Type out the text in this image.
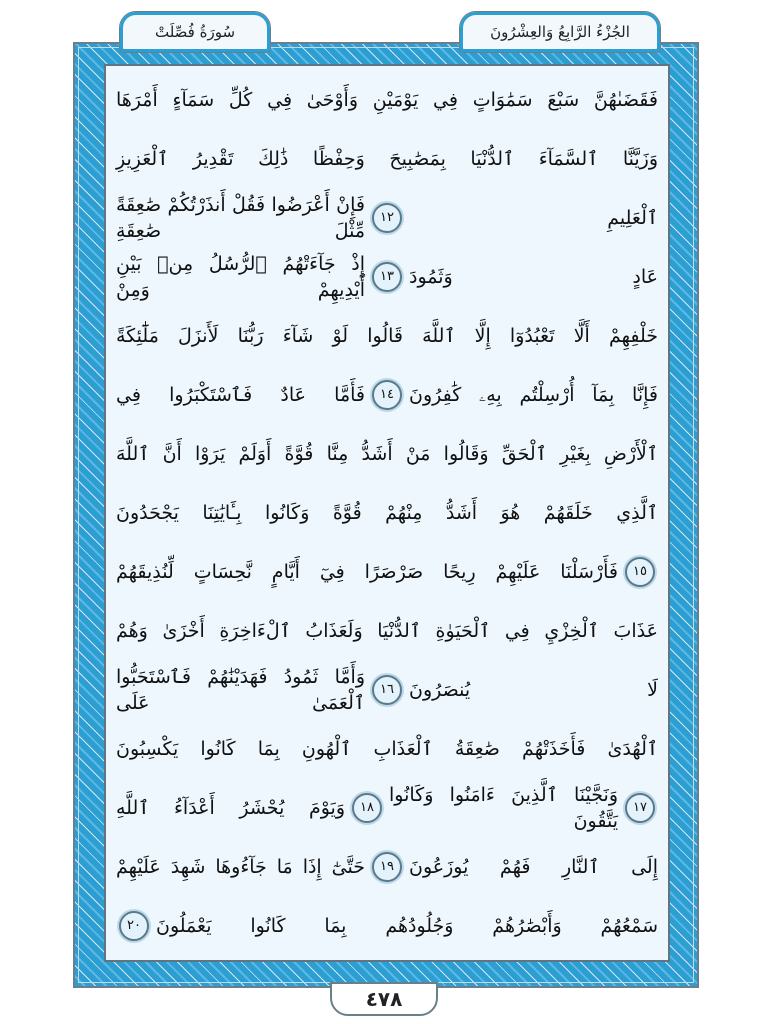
الجُزْءُ الرَّابِعُ وَالعِشْرُونَ
سُورَةُ فُصِّلَتْ
فَقَضَىٰهُنَّ سَبْعَ سَمَٰوَاتٍ فِي يَوْمَيْنِ وَأَوْحَىٰ فِي كُلِّ سَمَآءٍ أَمْرَهَا
وَزَيَّنَّا ٱلسَّمَآءَ ٱلدُّنْيَا بِمَصَٰبِيحَ وَحِفْظًا ذَٰلِكَ تَقْدِيرُ ٱلْعَزِيزِ
ٱلْعَلِيمِ
١٢
فَإِنْ أَعْرَضُوا فَقُلْ أَنذَرْتُكُمْ صَٰعِقَةً مِّثْلَ صَٰعِقَةِ
عَادٍ وَثَمُودَ
١٣
إِذْ جَآءَتْهُمُ ٱلرُّسُلُ مِنۢ بَيْنِ أَيْدِيهِمْ وَمِنْ
خَلْفِهِمْ أَلَّا تَعْبُدُوٓا إِلَّا ٱللَّهَ قَالُوا لَوْ شَآءَ رَبُّنَا لَأَنزَلَ مَلَٰٓئِكَةً
فَإِنَّا بِمَآ أُرْسِلْتُم بِهِۦ كَٰفِرُونَ
١٤
فَأَمَّا عَادٌ فَٱسْتَكْبَرُوا فِي
ٱلْأَرْضِ بِغَيْرِ ٱلْحَقِّ وَقَالُوا مَنْ أَشَدُّ مِنَّا قُوَّةً أَوَلَمْ يَرَوْا أَنَّ ٱللَّهَ
ٱلَّذِي خَلَقَهُمْ هُوَ أَشَدُّ مِنْهُمْ قُوَّةً وَكَانُوا بِـَٔايَٰتِنَا يَجْحَدُونَ
١٥
فَأَرْسَلْنَا عَلَيْهِمْ رِيحًا صَرْصَرًا فِيٓ أَيَّامٍ نَّحِسَاتٍ لِّنُذِيقَهُمْ
عَذَابَ ٱلْخِزْيِ فِي ٱلْحَيَوٰةِ ٱلدُّنْيَا وَلَعَذَابُ ٱلْءَاخِرَةِ أَخْزَىٰ وَهُمْ
لَا يُنصَرُونَ
١٦
وَأَمَّا ثَمُودُ فَهَدَيْنَٰهُمْ فَٱسْتَحَبُّوا ٱلْعَمَىٰ عَلَى
ٱلْهُدَىٰ فَأَخَذَتْهُمْ صَٰعِقَةُ ٱلْعَذَابِ ٱلْهُونِ بِمَا كَانُوا يَكْسِبُونَ
١٧
وَنَجَّيْنَا ٱلَّذِينَ ءَامَنُوا وَكَانُوا يَتَّقُونَ
١٨
وَيَوْمَ يُحْشَرُ أَعْدَآءُ ٱللَّهِ
إِلَى ٱلنَّارِ فَهُمْ يُوزَعُونَ
١٩
حَتَّىٰٓ إِذَا مَا جَآءُوهَا شَهِدَ عَلَيْهِمْ
سَمْعُهُمْ وَأَبْصَٰرُهُمْ وَجُلُودُهُم بِمَا كَانُوا يَعْمَلُونَ
٢٠
٤٧٨
